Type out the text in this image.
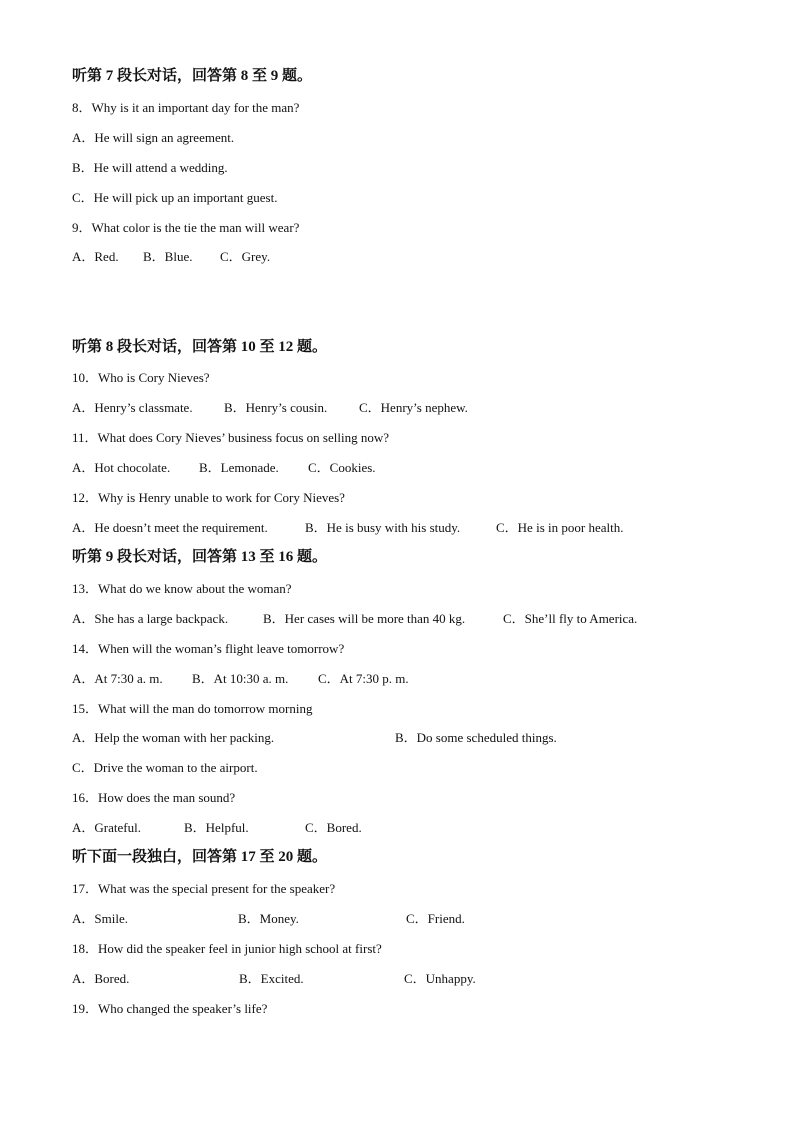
听第 7 段长对话，回答第 8 至 9 题。
8．Why is it an important day for the man?
A．He will sign an agreement.
B．He will attend a wedding.
C．He will pick up an important guest.
9．What color is the tie the man will wear?
A．Red. B．Blue. C．Grey.
听第 8 段长对话，回答第 10 至 12 题。
10．Who is Cory Nieves?
A．Henry’s classmate. B．Henry’s cousin. C．Henry’s nephew.
11．What does Cory Nieves’ business focus on selling now?
A．Hot chocolate. B．Lemonade. C．Cookies.
12．Why is Henry unable to work for Cory Nieves?
A．He doesn’t meet the requirement.	B．He is busy with his study.	C．He is in poor health.
听第 9 段长对话，回答第 13 至 16 题。
13．What do we know about the woman?
A．She has a large backpack.	B．Her cases will be more than 40 kg.	C．She’ll fly to America.
14．When will the woman’s flight leave tomorrow?
A．At 7:30 a. m. B．At 10:30 a. m. C．At 7:30 p. m.
15．What will the man do tomorrow morning
A．Help the woman with her packing.	B．Do some scheduled things.
C．Drive the woman to the airport.
16．How does the man sound?
A．Grateful.	B．Helpful.	C．Bored.
听下面一段独白，回答第 17 至 20 题。
17．What was the special present for the speaker?
A．Smile.	B．Money.	C．Friend.
18．How did the speaker feel in junior high school at first?
A．Bored.	B．Excited.	C．Unhappy.
19．Who changed the speaker’s life?
